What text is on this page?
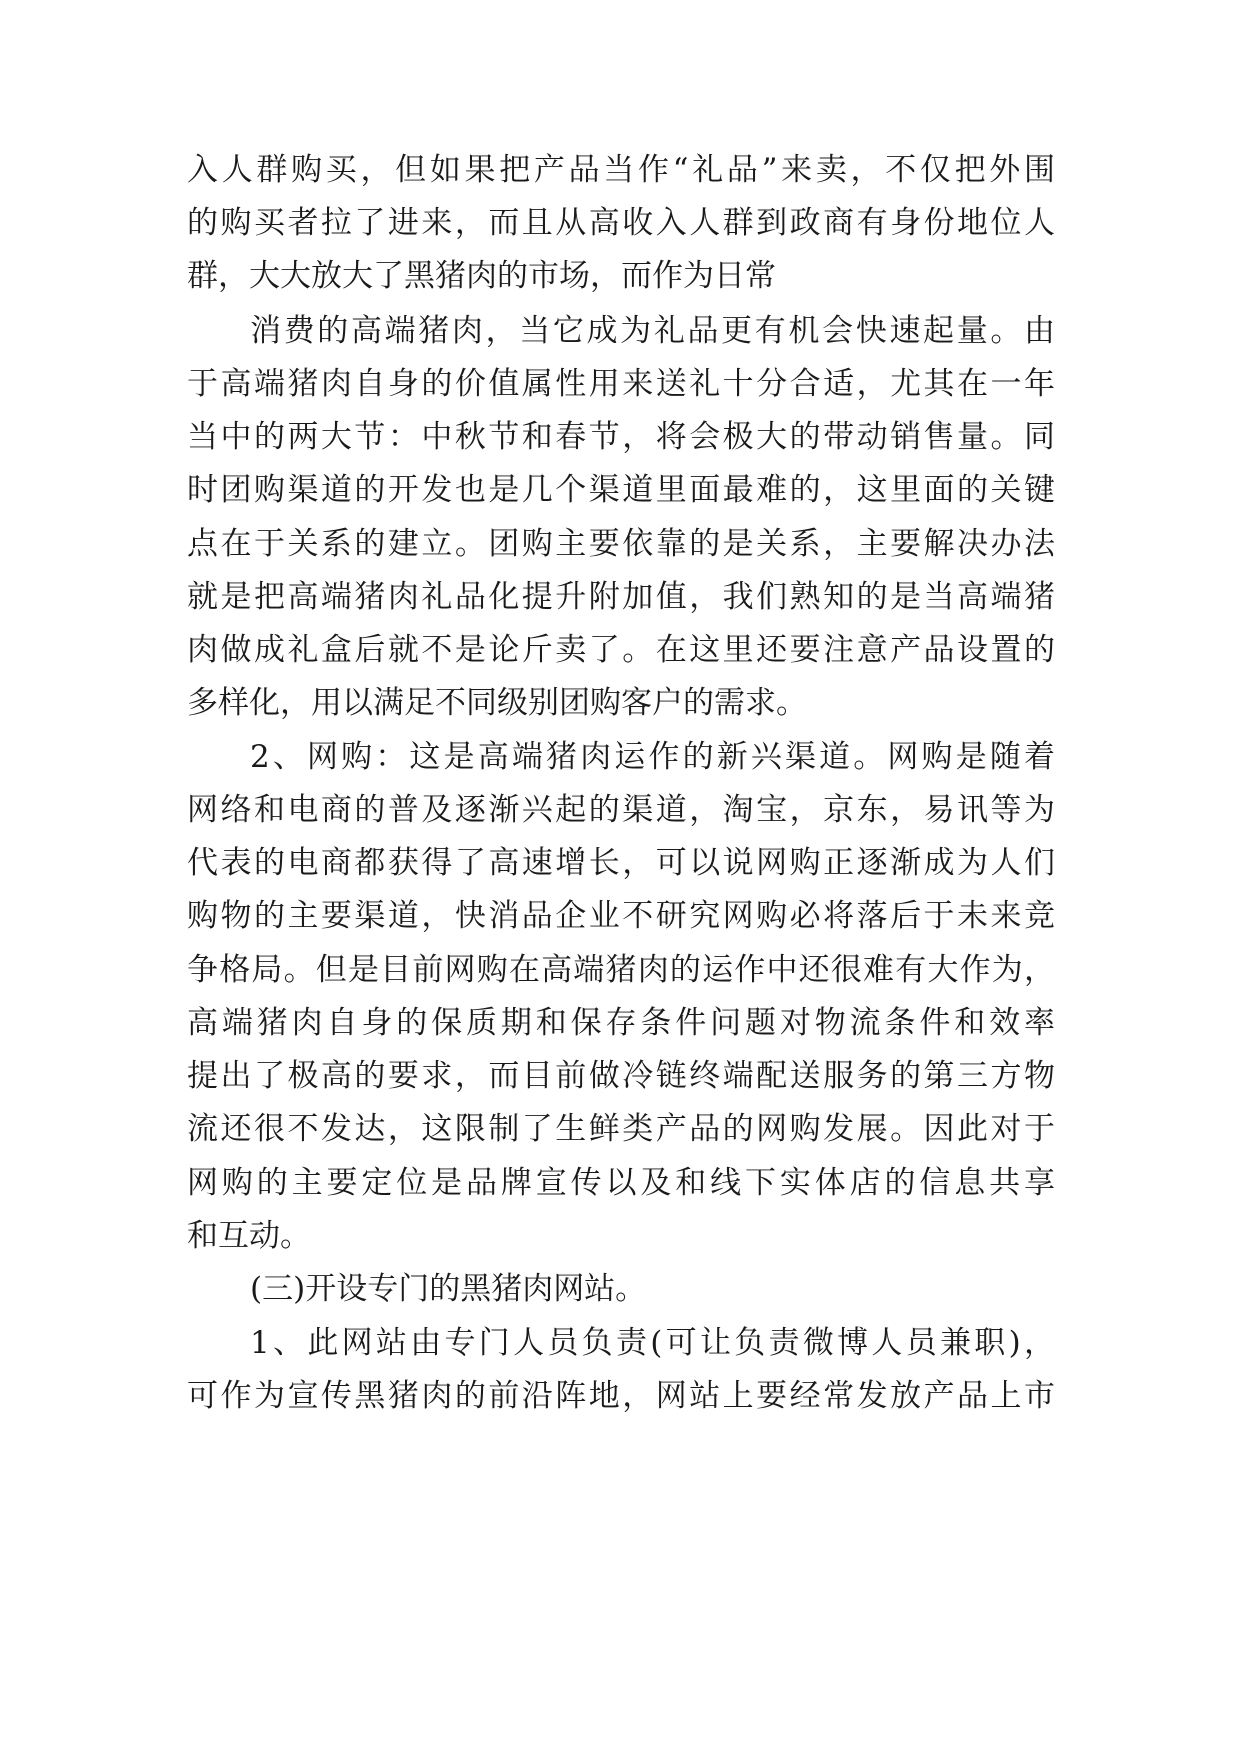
入人群购买，但如果把产品当作“礼品”来卖，不仅把外围

的购买者拉了进来，而且从高收入人群到政商有身份地位人

群，大大放大了黑猪肉的市场，而作为日常

消费的高端猪肉，当它成为礼品更有机会快速起量。由

于高端猪肉自身的价值属性用来送礼十分合适，尤其在一年

当中的两大节：中秋节和春节，将会极大的带动销售量。同

时团购渠道的开发也是几个渠道里面最难的，这里面的关键

点在于关系的建立。团购主要依靠的是关系，主要解决办法

就是把高端猪肉礼品化提升附加值，我们熟知的是当高端猪

肉做成礼盒后就不是论斤卖了。在这里还要注意产品设置的

多样化，用以满足不同级别团购客户的需求。

2、网购：这是高端猪肉运作的新兴渠道。网购是随着

网络和电商的普及逐渐兴起的渠道，淘宝，京东，易讯等为

代表的电商都获得了高速增长，可以说网购正逐渐成为人们

购物的主要渠道，快消品企业不研究网购必将落后于未来竞

争格局。但是目前网购在高端猪肉的运作中还很难有大作为，

高端猪肉自身的保质期和保存条件问题对物流条件和效率

提出了极高的要求，而目前做冷链终端配送服务的第三方物

流还很不发达，这限制了生鲜类产品的网购发展。因此对于

网购的主要定位是品牌宣传以及和线下实体店的信息共享

和互动。

(三)开设专门的黑猪肉网站。

1、此网站由专门人员负责(可让负责微博人员兼职)，

可作为宣传黑猪肉的前沿阵地，网站上要经常发放产品上市
